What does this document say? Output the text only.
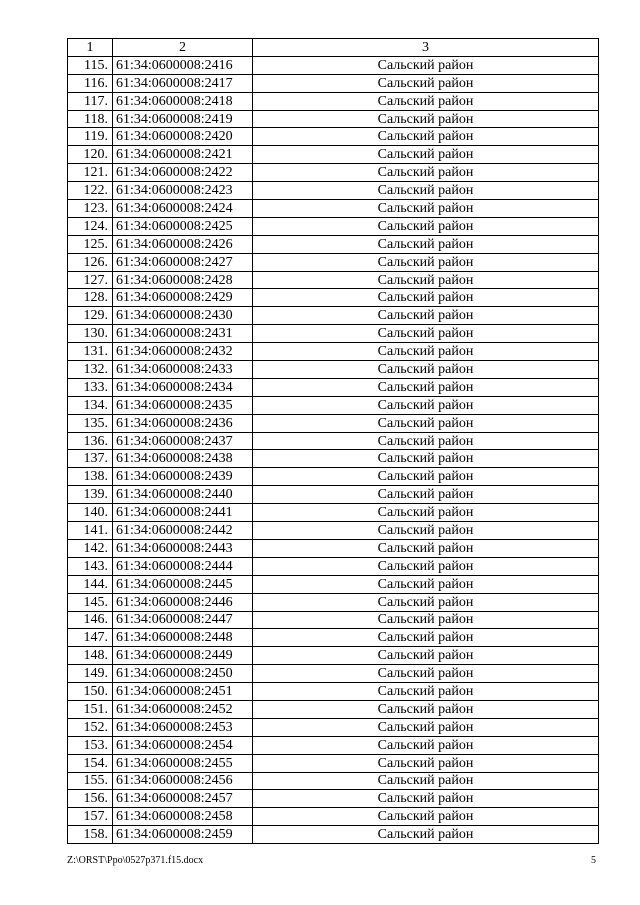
1	2	3
115.	61:34:0600008:2416	Сальский район
116.	61:34:0600008:2417	Сальский район
117.	61:34:0600008:2418	Сальский район
118.	61:34:0600008:2419	Сальский район
119.	61:34:0600008:2420	Сальский район
120.	61:34:0600008:2421	Сальский район
121.	61:34:0600008:2422	Сальский район
122.	61:34:0600008:2423	Сальский район
123.	61:34:0600008:2424	Сальский район
124.	61:34:0600008:2425	Сальский район
125.	61:34:0600008:2426	Сальский район
126.	61:34:0600008:2427	Сальский район
127.	61:34:0600008:2428	Сальский район
128.	61:34:0600008:2429	Сальский район
129.	61:34:0600008:2430	Сальский район
130.	61:34:0600008:2431	Сальский район
131.	61:34:0600008:2432	Сальский район
132.	61:34:0600008:2433	Сальский район
133.	61:34:0600008:2434	Сальский район
134.	61:34:0600008:2435	Сальский район
135.	61:34:0600008:2436	Сальский район
136.	61:34:0600008:2437	Сальский район
137.	61:34:0600008:2438	Сальский район
138.	61:34:0600008:2439	Сальский район
139.	61:34:0600008:2440	Сальский район
140.	61:34:0600008:2441	Сальский район
141.	61:34:0600008:2442	Сальский район
142.	61:34:0600008:2443	Сальский район
143.	61:34:0600008:2444	Сальский район
144.	61:34:0600008:2445	Сальский район
145.	61:34:0600008:2446	Сальский район
146.	61:34:0600008:2447	Сальский район
147.	61:34:0600008:2448	Сальский район
148.	61:34:0600008:2449	Сальский район
149.	61:34:0600008:2450	Сальский район
150.	61:34:0600008:2451	Сальский район
151.	61:34:0600008:2452	Сальский район
152.	61:34:0600008:2453	Сальский район
153.	61:34:0600008:2454	Сальский район
154.	61:34:0600008:2455	Сальский район
155.	61:34:0600008:2456	Сальский район
156.	61:34:0600008:2457	Сальский район
157.	61:34:0600008:2458	Сальский район
158.	61:34:0600008:2459	Сальский район
Z:\ORST\Ppo\0527p371.f15.docx	5
